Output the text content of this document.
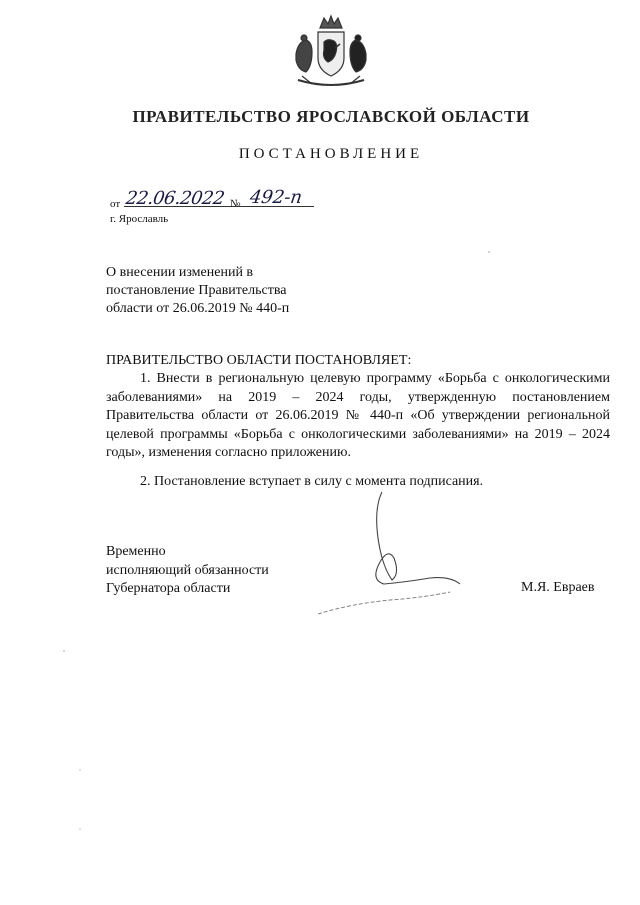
ПРАВИТЕЛЬСТВО ЯРОСЛАВСКОЙ ОБЛАСТИ
ПОСТАНОВЛЕНИЕ
от 22.06.2022 № 492-п
г. Ярославль
О внесении изменений в постановление Правительства области от 26.06.2019 № 440-п
ПРАВИТЕЛЬСТВО ОБЛАСТИ ПОСТАНОВЛЯЕТ:

1. Внести в региональную целевую программу «Борьба с онкологическими заболеваниями» на 2019 – 2024 годы, утвержденную постановлением Правительства области от 26.06.2019 № 440-п «Об утверждении региональной целевой программы «Борьба с онкологическими заболеваниями» на 2019 – 2024 годы», изменения согласно приложению.

2. Постановление вступает в силу с момента подписания.

Временно
исполняющий обязанности
Губернатора области	М.Я. Евраев
